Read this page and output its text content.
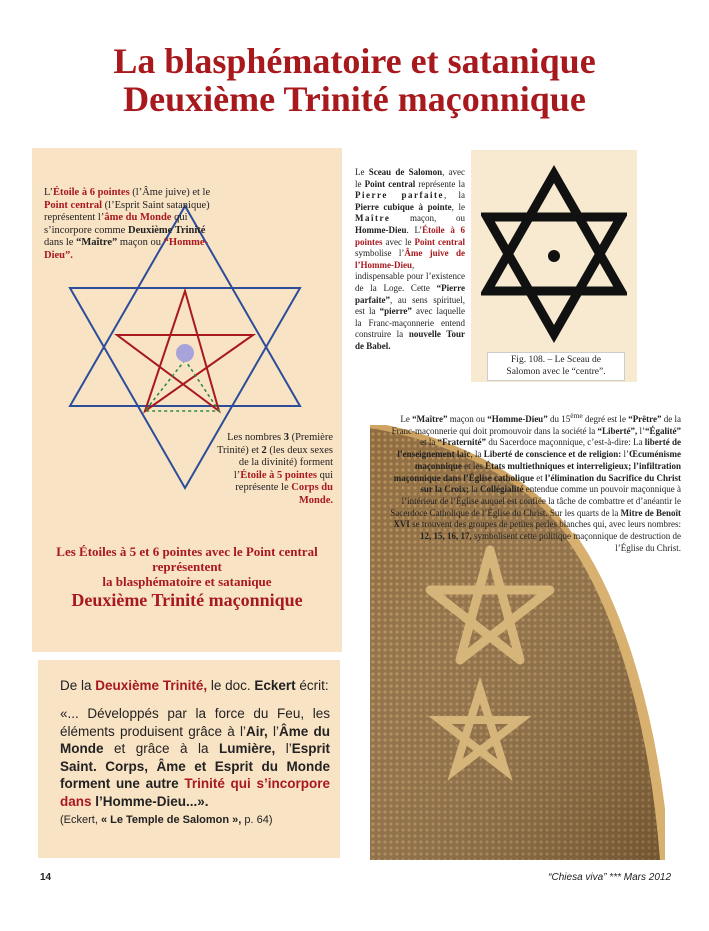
La blasphématoire et satanique
Deuxième Trinité maçonnique
L’Étoile à 6 pointes (l’Âme juive) et le Point central (l’Esprit Saint satanique) représentent l’âme du Monde qui s’incorpore comme Deuxième Trinité dans le “Maître” maçon ou “Homme-Dieu”.
Les nombres 3 (Première Trinité) et 2 (les deux sexes de la divinité) forment l’Étoile à 5 pointes qui représente le Corps du Monde.
Les Étoiles à 5 et 6 pointes avec le Point central
représentent
la blasphématoire et satanique
Deuxième Trinité maçonnique
Le Sceau de Salomon, avec le Point central représente la Pierre parfaite, la Pierre cubique à pointe, le Maître maçon, ou Homme-Dieu. L’Étoile à 6 pointes avec le Point central symbolise l’Âme juive de l’Homme-Dieu, indispensable pour l’existence de la Loge. Cette “Pierre parfaite”, au sens spirituel, est la “pierre” avec laquelle la Franc-maçonnerie entend construire la nouvelle Tour de Babel.
Fig. 108. – Le Sceau de
Salomon avec le “centre”.
Le “Maître” maçon ou “Homme-Dieu” du 15ème degré est le “Prêtre” de la Franc-maçonnerie qui doit promouvoir dans la société la “Liberté”, l’“Égalité” et la “Fraternité” du Sacerdoce maçonnique, c’est-à-dire: La liberté de l’enseignement laïc, la Liberté de conscience et de religion: l’Œcuménisme maçonnique et les États multiethniques et interreligieux; l’infiltration maçonnique dans l’Église catholique et l’élimination du Sacrifice du Christ sur la Croix; la Collégialité entendue comme un pouvoir maçonnique à l’intérieur de l’Église auquel est confiée la tâche de combattre et d’anéantir le Sacerdoce Catholique de l’Église du Christ. Sur les quarts de la Mitre de Benoît XVI se trouvent des groupes de petites perles blanches qui, avec leurs nombres: 12, 15, 16, 17, symbolisent cette politique maçonnique de destruction de l’Église du Christ.
De la Deuxième Trinité, le doc. Eckert écrit:
«... Développés par la force du Feu, les éléments produisent grâce à l’Air, l’Âme du Monde et grâce à la Lumière, l’Esprit Saint. Corps, Âme et Esprit du Monde forment une autre Trinité qui s’incorpore dans l’Homme-Dieu...».
(Eckert, « Le Temple de Salomon », p. 64)
14	“Chiesa viva” *** Mars 2012
